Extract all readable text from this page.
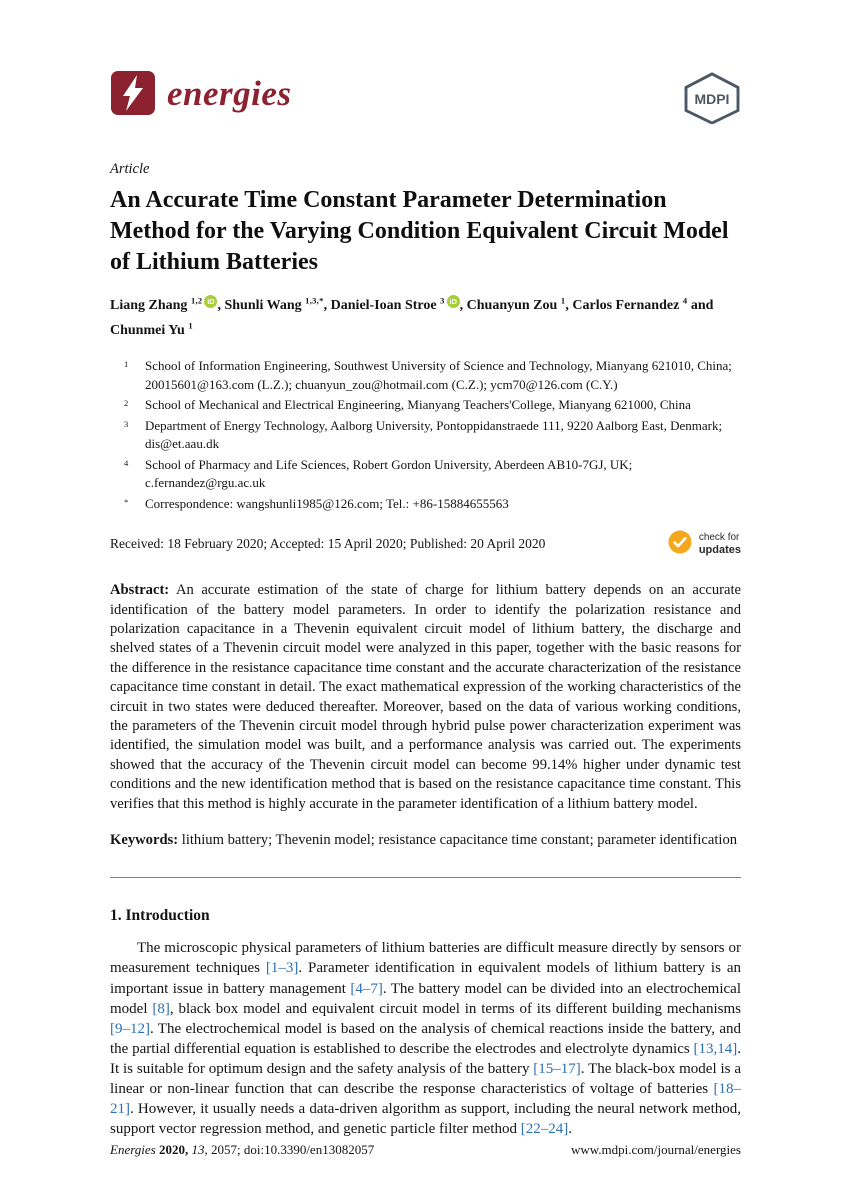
energies	MDPI
Article
An Accurate Time Constant Parameter Determination Method for the Varying Condition Equivalent Circuit Model of Lithium Batteries

Liang Zhang $^{1,2}$ iD , Shunli Wang $^{1,3,*}$, Daniel-Ioan Stroe $^3$ iD , Chuanyun Zou $^1$, Carlos Fernandez $^4$ and Chunmei Yu $^1$

$^1$	School of Information Engineering, Southwest University of Science and Technology, Mianyang 621010, China; 20015601@163.com (L.Z.); chuanyun_zou@hotmail.com (C.Z.); ycm70@126.com (C.Y.)
$^2$	School of Mechanical and Electrical Engineering, Mianyang Teachers'College, Mianyang 621000, China
$^3$	Department of Energy Technology, Aalborg University, Pontoppidanstraede 111, 9220 Aalborg East, Denmark; dis@et.aau.dk
$^4$	School of Pharmacy and Life Sciences, Robert Gordon University, Aberdeen AB10-7GJ, UK; c.fernandez@rgu.ac.uk
*	Correspondence: wangshunli1985@126.com; Tel.: +86-15884655563
Received: 18 February 2020; Accepted: 15 April 2020; Published: 20 April 2020	check for
updates

Abstract: An accurate estimation of the state of charge for lithium battery depends on an accurate identification of the battery model parameters. In order to identify the polarization resistance and polarization capacitance in a Thevenin equivalent circuit model of lithium battery, the discharge and shelved states of a Thevenin circuit model were analyzed in this paper, together with the basic reasons for the difference in the resistance capacitance time constant and the accurate characterization of the resistance capacitance time constant in detail. The exact mathematical expression of the working characteristics of the circuit in two states were deduced thereafter. Moreover, based on the data of various working conditions, the parameters of the Thevenin circuit model through hybrid pulse power characterization experiment was identified, the simulation model was built, and a performance analysis was carried out. The experiments showed that the accuracy of the Thevenin circuit model can become 99.14% higher under dynamic test conditions and the new identification method that is based on the resistance capacitance time constant. This verifies that this method is highly accurate in the parameter identification of a lithium battery model.

Keywords: lithium battery; Thevenin model; resistance capacitance time constant; parameter identification

1. Introduction

The microscopic physical parameters of lithium batteries are difficult measure directly by sensors or measurement techniques [1–3]. Parameter identification in equivalent models of lithium battery is an important issue in battery management [4–7]. The battery model can be divided into an electrochemical model [8], black box model and equivalent circuit model in terms of its different building mechanisms [9–12]. The electrochemical model is based on the analysis of chemical reactions inside the battery, and the partial differential equation is established to describe the electrodes and electrolyte dynamics [13,14]. It is suitable for optimum design and the safety analysis of the battery [15–17]. The black-box model is a linear or non-linear function that can describe the response characteristics of voltage of batteries [18–21]. However, it usually needs a data-driven algorithm as support, including the neural network method, support vector regression method, and genetic particle filter method [22–24].

Energies 2020, 13, 2057; doi:10.3390/en13082057	www.mdpi.com/journal/energies
